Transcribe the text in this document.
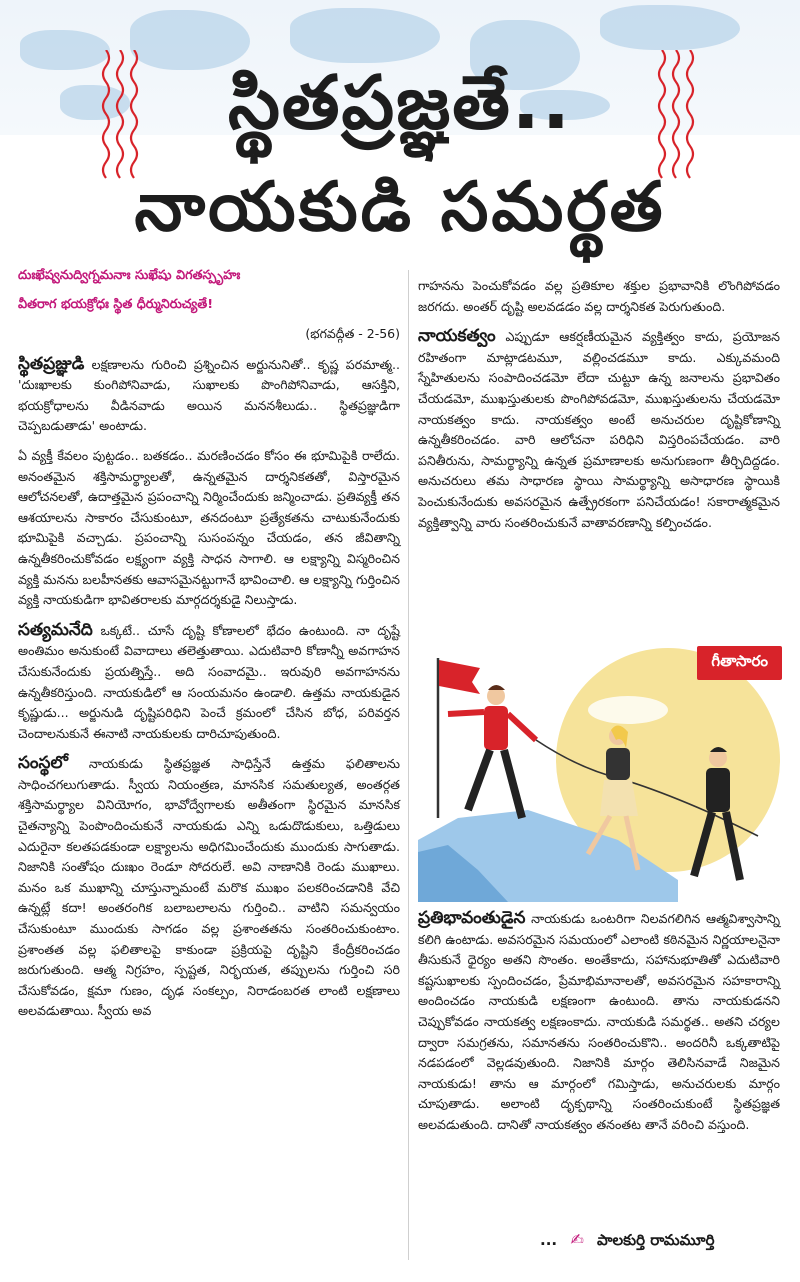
స్థితప్రజ్ఞతే..
నాయకుడి సమర్థత

దుఃఖేష్వనుద్విగ్నమనాః సుఖేషు విగతస్పృహః

వీతరాగ భయక్రోధః స్థిత ధీర్మునిరుచ్యతే!

(భగవద్గీత - 2-56)

స్థితప్రజ్ఞుడి లక్షణాలను గురించి ప్రశ్నించిన అర్జునునితో.. కృష్ణ పరమాత్మ.. 'దుఃఖాలకు కుంగిపోనివాడు, సుఖాలకు పొంగిపోనివాడు, ఆసక్తిని, భయక్రోధాలను వీడినవాడు అయిన మననశీలుడు.. స్థితప్రజ్ఞుడిగా చెప్పబడుతాడు' అంటాడు.

ఏ వ్యక్తీ కేవలం పుట్టడం.. బతకడం.. మరణించడం కోసం ఈ భూమిపైకి రాలేదు. అనంతమైన శక్తిసామర్థ్యాలతో, ఉన్నతమైన దార్శనికతతో, విస్తారమైన ఆలోచనలతో, ఉదాత్తమైన ప్రపంచాన్ని నిర్మించేందుకు జన్మించాడు. ప్రతివ్యక్తీ తన ఆశయాలను సాకారం చేసుకుంటూ, తనదంటూ ప్రత్యేకతను చాటుకునేందుకు భూమిపైకి వచ్చాడు. ప్రపంచాన్ని సుసంపన్నం చేయడం, తన జీవితాన్ని ఉన్నతీకరించుకోవడం లక్ష్యంగా వ్యక్తి సాధన సాగాలి. ఆ లక్ష్యాన్ని విస్మరించిన వ్యక్తి మనను బలహీనతకు ఆవాసమైనట్టుగానే భావించాలి. ఆ లక్ష్యాన్ని గుర్తించిన వ్యక్తి నాయకుడిగా భావితరాలకు మార్గదర్శకుడై నిలుస్తాడు.

సత్యమనేది ఒక్కటే.. చూసే దృష్టి కోణాలలో భేదం ఉంటుంది. నా దృష్టే అంతిమం అనుకుంటే వివాదాలు తలెత్తుతాయి. ఎదుటివారి కోణాన్నీ అవగాహన చేసుకునేందుకు ప్రయత్నిస్తే.. అది సంవాదమై.. ఇరువురి అవగాహనను ఉన్నతీకరిస్తుంది. నాయకుడిలో ఆ సంయమనం ఉండాలి. ఉత్తమ నాయకుడైన కృష్ణుడు... అర్జునుడి దృష్టిపరిధిని పెంచే క్రమంలో చేసిన బోధ, పరివర్తన చెందాలనుకునే ఈనాటి నాయకులకు దారిచూపుతుంది.

సంస్థలో నాయకుడు స్థితప్రజ్ఞత సాధిస్తేనే ఉత్తమ ఫలితాలను సాధించగలుగుతాడు. స్వీయ నియంత్రణ, మానసిక సమతుల్యత, అంతర్గత శక్తిసామర్థ్యాల వినియోగం, భావోద్వేగాలకు అతీతంగా స్థిరమైన మానసిక చైతన్యాన్ని పెంపొందించుకునే నాయకుడు ఎన్ని ఒడుదొడుకులు, ఒత్తిడులు ఎదురైనా కలతపడకుండా లక్ష్యాలను అధిగమించేందుకు ముందుకు సాగుతాడు. నిజానికి సంతోషం దుఃఖం రెండూ సోదరులే. అవి నాణానికి రెండు ముఖాలు. మనం ఒక ముఖాన్ని చూస్తున్నామంటే మరొక ముఖం పలకరించడానికి వేచి ఉన్నట్లే కదా! అంతరంగిక బలాబలాలను గుర్తించి.. వాటిని సమన్వయం చేసుకుంటూ ముందుకు సాగడం వల్ల ప్రశాంతతను సంతరించుకుంటాం. ప్రశాంతత వల్ల ఫలితాలపై కాకుండా ప్రక్రియపై దృష్టిని కేంద్రీకరించడం జరుగుతుంది. ఆత్మ నిగ్రహం, స్పష్టత, నిర్భయత, తప్పులను గుర్తించి సరి చేసుకోవడం, క్షమా గుణం, దృఢ సంకల్పం, నిరాడంబరత లాంటి లక్షణాలు అలవడుతాయి. స్వీయ అవ

గాహనను పెంచుకోవడం వల్ల ప్రతికూల శక్తుల ప్రభావానికి లొంగిపోవడం జరగదు. అంతర్ దృష్టి అలవడడం వల్ల దార్శనికత పెరుగుతుంది.

నాయకత్వం ఎప్పుడూ ఆకర్షణీయమైన వ్యక్తిత్వం కాదు, ప్రయోజన రహితంగా మాట్లాడటమూ, వల్లించడమూ కాదు. ఎక్కువమంది స్నేహితులను సంపాదించడమో లేదా చుట్టూ ఉన్న జనాలను ప్రభావితం చేయడమో, ముఖస్తుతులకు పొంగిపోవడమో, ముఖస్తుతులను చేయడమో నాయకత్వం కాదు. నాయకత్వం అంటే అనుచరుల దృష్టికోణాన్ని ఉన్నతీకరించడం. వారి ఆలోచనా పరిధిని విస్తరింపచేయడం. వారి పనితీరును, సామర్థ్యాన్ని ఉన్నత ప్రమాణాలకు అనుగుణంగా తీర్చిదిద్దడం. అనుచరులు తమ సాధారణ స్థాయి సామర్థ్యాన్ని అసాధారణ స్థాయికి పెంచుకునేందుకు అవసరమైన ఉత్ప్రేరకంగా పనిచేయడం! సకారాత్మకమైన వ్యక్తిత్వాన్ని వారు సంతరించుకునే వాతావరణాన్ని కల్పించడం.

గీతాసారం

ప్రతిభావంతుడైన నాయకుడు ఒంటరిగా నిలవగలిగిన ఆత్మవిశ్వాసాన్ని కలిగి ఉంటాడు. అవసరమైన సమయంలో ఎలాంటి కఠినమైన నిర్ణయాలనైనా తీసుకునే ధైర్యం అతని సొంతం. అంతేకాదు, సహానుభూతితో ఎదుటివారి కష్టసుఖాలకు స్పందించడం, ప్రేమాభిమానాలతో, అవసరమైన సహకారాన్ని అందించడం నాయకుడి లక్షణంగా ఉంటుంది. తాను నాయకుడనని చెప్పుకోవడం నాయకత్వ లక్షణంకాదు. నాయకుడి సమర్థత.. అతని చర్యల ద్వారా సమగ్రతను, సమానతను సంతరించుకొని.. అందరినీ ఒక్కతాటిపై నడపడంలో వెల్లడవుతుంది. నిజానికి మార్గం తెలిసినవాడే నిజమైన నాయకుడు! తాను ఆ మార్గంలో గమిస్తాడు, అనుచరులకు మార్గం చూపుతాడు. అలాంటి దృక్పథాన్ని సంతరించుకుంటే స్థితప్రజ్ఞత అలవడుతుంది. దానితో నాయకత్వం తనంతట తానే వరించి వస్తుంది.

... ✍ పాలకుర్తి రామమూర్తి
